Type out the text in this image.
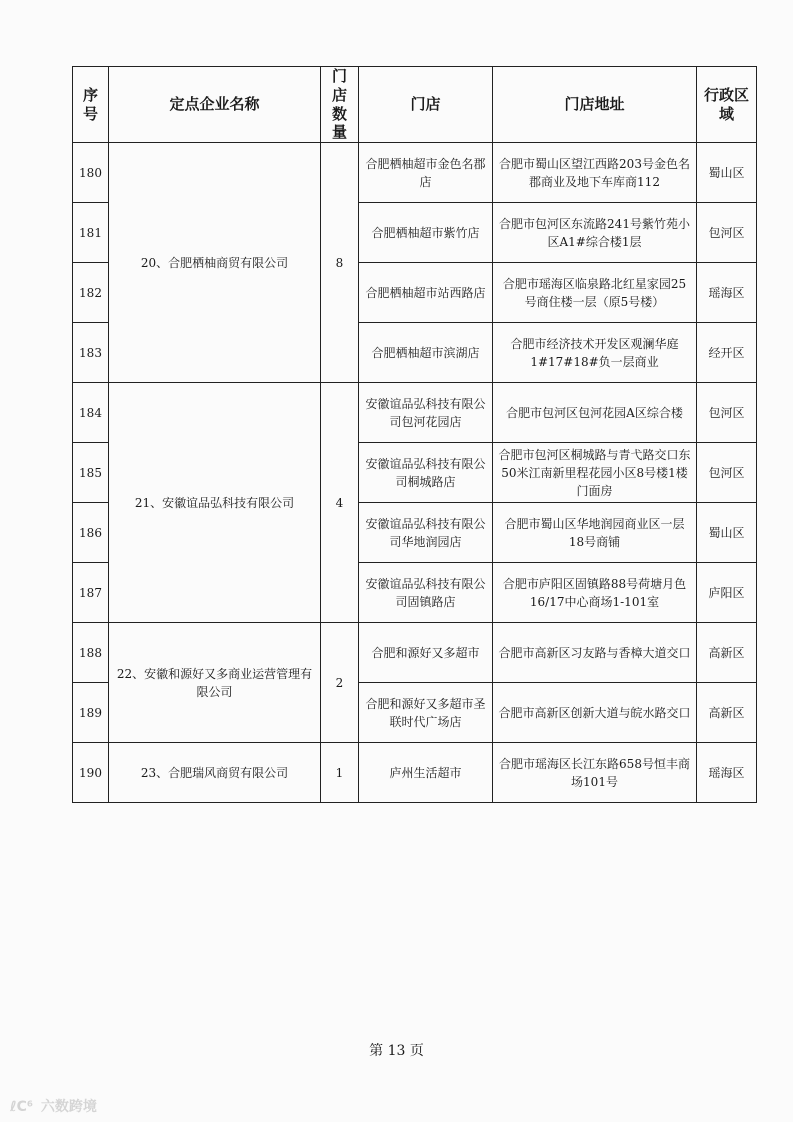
序号	定点企业名称	门店数量	门店	门店地址	行政区域
180	20、合肥栖柚商贸有限公司	8	合肥栖柚超市金色名郡店	合肥市蜀山区望江西路203号金色名郡商业及地下车库商112	蜀山区
181			合肥栖柚超市紫竹店	合肥市包河区东流路241号紫竹苑小区A1#综合楼1层	包河区
182			合肥栖柚超市站西路店	合肥市瑶海区临泉路北红星家园25号商住楼一层（原5号楼）	瑶海区
183			合肥栖柚超市滨湖店	合肥市经济技术开发区观澜华庭1#17#18#负一层商业	经开区
184	21、安徽谊品弘科技有限公司	4	安徽谊品弘科技有限公司包河花园店	合肥市包河区包河花园A区综合楼	包河区
185			安徽谊品弘科技有限公司桐城路店	合肥市包河区桐城路与青弋路交口东50米江南新里程花园小区8号楼1楼门面房	包河区
186			安徽谊品弘科技有限公司华地润园店	合肥市蜀山区华地润园商业区一层18号商铺	蜀山区
187			安徽谊品弘科技有限公司固镇路店	合肥市庐阳区固镇路88号荷塘月色16/17中心商场1-101室	庐阳区
188	22、安徽和源好又多商业运营管理有限公司	2	合肥和源好又多超市	合肥市高新区习友路与香樟大道交口	高新区
189			合肥和源好又多超市圣联时代广场店	合肥市高新区创新大道与皖水路交口	高新区
190	23、合肥瑞风商贸有限公司	1	庐州生活超市	合肥市瑶海区长江东路658号恒丰商场101号	瑶海区
第 13 页
ℓC⁶ 六数跨境
